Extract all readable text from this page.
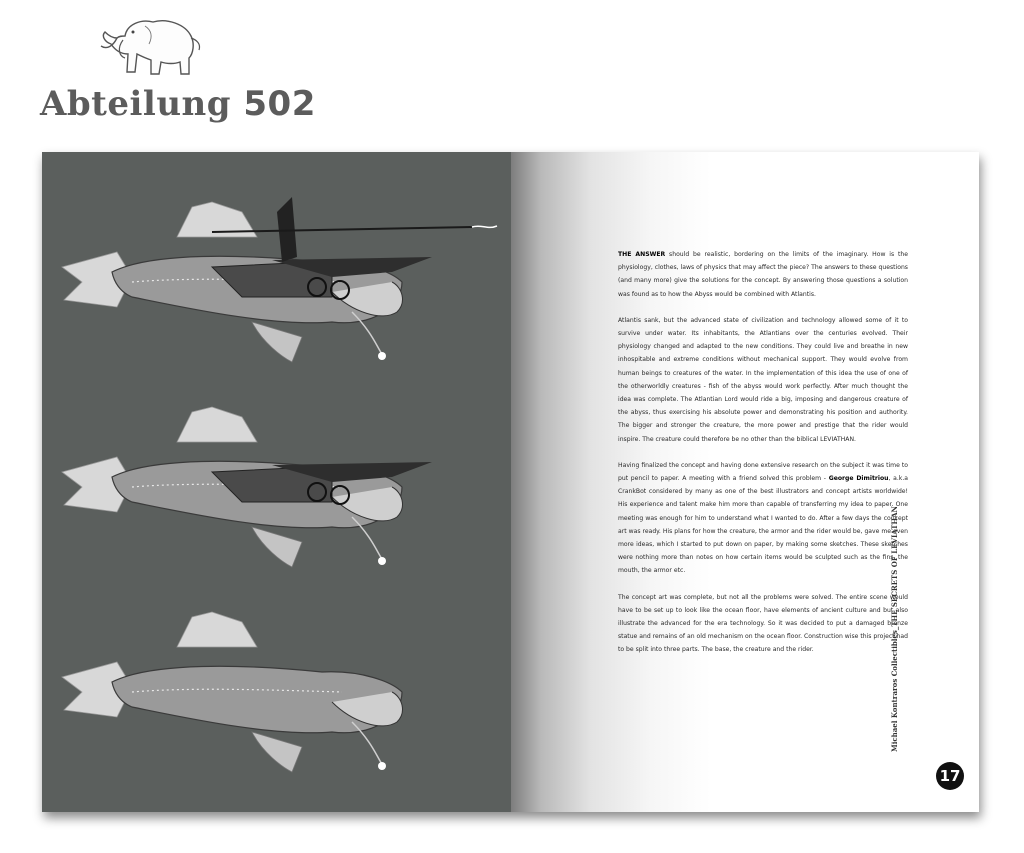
Abteilung 502

THE ANSWER should be realistic, bordering on the limits of the imaginary. How is the physiology, clothes, laws of physics that may affect the piece? The answers to these questions (and many more) give the solutions for the concept. By answering those questions a solution was found as to how the Abyss would be combined with Atlantis.

Atlantis sank, but the advanced state of civilization and technology allowed some of it to survive under water. Its inhabitants, the Atlantians over the centuries evolved. Their physiology changed and adapted to the new conditions. They could live and breathe in new inhospitable and extreme conditions without mechanical support. They would evolve from human beings to creatures of the water. In the implementation of this idea the use of one of the otherworldly creatures - fish of the abyss would work perfectly. After much thought the idea was complete. The Atlantian Lord would ride a big, imposing and dangerous creature of the abyss, thus exercising his absolute power and demonstrating his position and authority. The bigger and stronger the creature, the more power and prestige that the rider would inspire. The creature could therefore be no other than the biblical LEVIATHAN.

Having finalized the concept and having done extensive research on the subject it was time to put pencil to paper. A meeting with a friend solved this problem - George Dimitriou, a.k.a CrankBot considered by many as one of the best illustrators and concept artists worldwide! His experience and talent make him more than capable of transferring my idea to paper. One meeting was enough for him to understand what I wanted to do. After a few days the concept art was ready. His plans for how the creature, the armor and the rider would be, gave me even more ideas, which I started to put down on paper, by making some sketches. These sketches were nothing more than notes on how certain items would be sculpted such as the fins, the mouth, the armor etc.

The concept art was complete, but not all the problems were solved. The entire scene would have to be set up to look like the ocean floor, have elements of ancient culture and but also illustrate the advanced for the era technology. So it was decided to put a damaged bronze statue and remains of an old mechanism on the ocean floor. Construction wise this project had to be split into three parts. The base, the creature and the rider.	Michael Kontraros Collectibles_THE SECRETS OF LEVIATHAN
17
